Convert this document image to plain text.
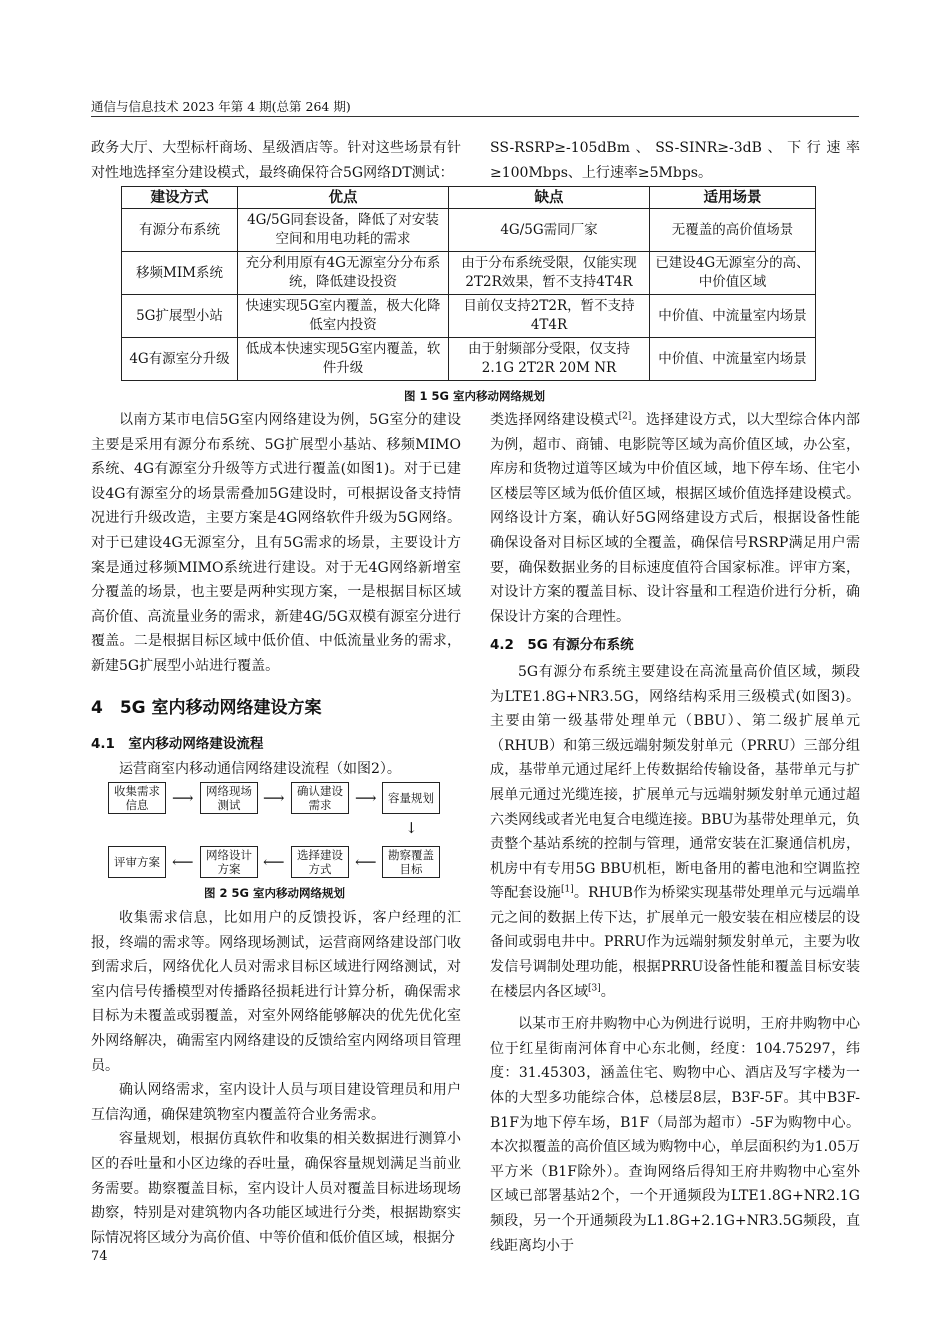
通信与信息技术 2023 年第 4 期(总第 264 期)

政务大厅、大型标杆商场、星级酒店等。针对这些场景有针对性地选择室分建设模式，最终确保符合5G网络DT测试：

SS-RSRP≥-105dBm、SS-SINR≥-3dB、下行速率≥100Mbps、上行速率≥5Mbps。

建设方式	优点	缺点	适用场景
有源分布系统	4G/5G同套设备，降低了对安装空间和用电功耗的需求	4G/5G需同厂家	无覆盖的高价值场景
移频MIM系统	充分利用原有4G无源室分分布系统，降低建设投资	由于分布系统受限，仅能实现2T2R效果，暂不支持4T4R	已建设4G无源室分的高、中价值区域
5G扩展型小站	快速实现5G室内覆盖，极大化降低室内投资	目前仅支持2T2R，暂不支持4T4R	中价值、中流量室内场景
4G有源室分升级	低成本快速实现5G室内覆盖，软件升级	由于射频部分受限，仅支持2.1G 2T2R 20M NR	中价值、中流量室内场景
图 1 5G 室内移动网络规划

以南方某市电信5G室内网络建设为例，5G室分的建设主要是采用有源分布系统、5G扩展型小基站、移频MIMO系统、4G有源室分升级等方式进行覆盖(如图1)。对于已建设4G有源室分的场景需叠加5G建设时，可根据设备支持情况进行升级改造，主要方案是4G网络软件升级为5G网络。对于已建设4G无源室分，且有5G需求的场景，主要设计方案是通过移频MIMO系统进行建设。对于无4G网络新增室分覆盖的场景，也主要是两种实现方案，一是根据目标区域高价值、高流量业务的需求，新建4G/5G双模有源室分进行覆盖。二是根据目标区域中低价值、中低流量业务的需求，新建5G扩展型小站进行覆盖。

4　5G 室内移动网络建设方案

4.1　室内移动网络建设流程

运营商室内移动通信网络建设流程（如图2）。

收集需求信息	⟶	网络现场测试	⟶	确认建设需求	⟶ 容量规划
↓
勘察覆盖目标
⟵
选择建设方式
⟵
网络设计方案
⟵
评审方案
图 2 5G 室内移动网络规划

收集需求信息，比如用户的反馈投诉，客户经理的汇报，终端的需求等。网络现场测试，运营商网络建设部门收到需求后，网络优化人员对需求目标区域进行网络测试，对室内信号传播模型对传播路径损耗进行计算分析，确保需求目标为未覆盖或弱覆盖，对室外网络能够解决的优先优化室外网络解决，确需室内网络建设的反馈给室内网络项目管理员。

确认网络需求，室内设计人员与项目建设管理员和用户互信沟通，确保建筑物室内覆盖符合业务需求。

容量规划，根据仿真软件和收集的相关数据进行测算小区的吞吐量和小区边缘的吞吐量，确保容量规划满足当前业务需要。勘察覆盖目标，室内设计人员对覆盖目标进场现场勘察，特别是对建筑物内各功能区域进行分类，根据勘察实际情况将区域分为高价值、中等价值和低价值区域，根据分

类选择网络建设模式[2]。选择建设方式，以大型综合体内部为例，超市、商铺、电影院等区域为高价值区域，办公室，库房和货物过道等区域为中价值区域，地下停车场、住宅小区楼层等区域为低价值区域，根据区域价值选择建设模式。网络设计方案，确认好5G网络建设方式后，根据设备性能确保设备对目标区域的全覆盖，确保信号RSRP满足用户需要，确保数据业务的目标速度值符合国家标准。评审方案，对设计方案的覆盖目标、设计容量和工程造价进行分析，确保设计方案的合理性。

4.2　5G 有源分布系统

5G有源分布系统主要建设在高流量高价值区域，频段为LTE1.8G+NR3.5G，网络结构采用三级模式(如图3)。主要由第一级基带处理单元（BBU）、第二级扩展单元（RHUB）和第三级远端射频发射单元（PRRU）三部分组成，基带单元通过尾纤上传数据给传输设备，基带单元与扩展单元通过光缆连接，扩展单元与远端射频发射单元通过超六类网线或者光电复合电缆连接。BBU为基带处理单元，负责整个基站系统的控制与管理，通常安装在汇聚通信机房，机房中有专用5G BBU机柜，断电备用的蓄电池和空调监控等配套设施[1]。RHUB作为桥梁实现基带处理单元与远端单元之间的数据上传下达，扩展单元一般安装在相应楼层的设备间或弱电井中。PRRU作为远端射频发射单元，主要为收发信号调制处理功能，根据PRRU设备性能和覆盖目标安装在楼层内各区域[3]。

以某市王府井购物中心为例进行说明，王府井购物中心位于红星街南河体育中心东北侧，经度：104.75297，纬度：31.45303，涵盖住宅、购物中心、酒店及写字楼为一体的大型多功能综合体，总楼层8层，B3F-5F。其中B3F-B1F为地下停车场，B1F（局部为超市）-5F为购物中心。本次拟覆盖的高价值区域为购物中心，单层面积约为1.05万平方米（B1F除外）。查询网络后得知王府井购物中心室外区域已部署基站2个，一个开通频段为LTE1.8G+NR2.1G频段，另一个开通频段为L1.8G+2.1G+NR3.5G频段，直线距离均小于

74
